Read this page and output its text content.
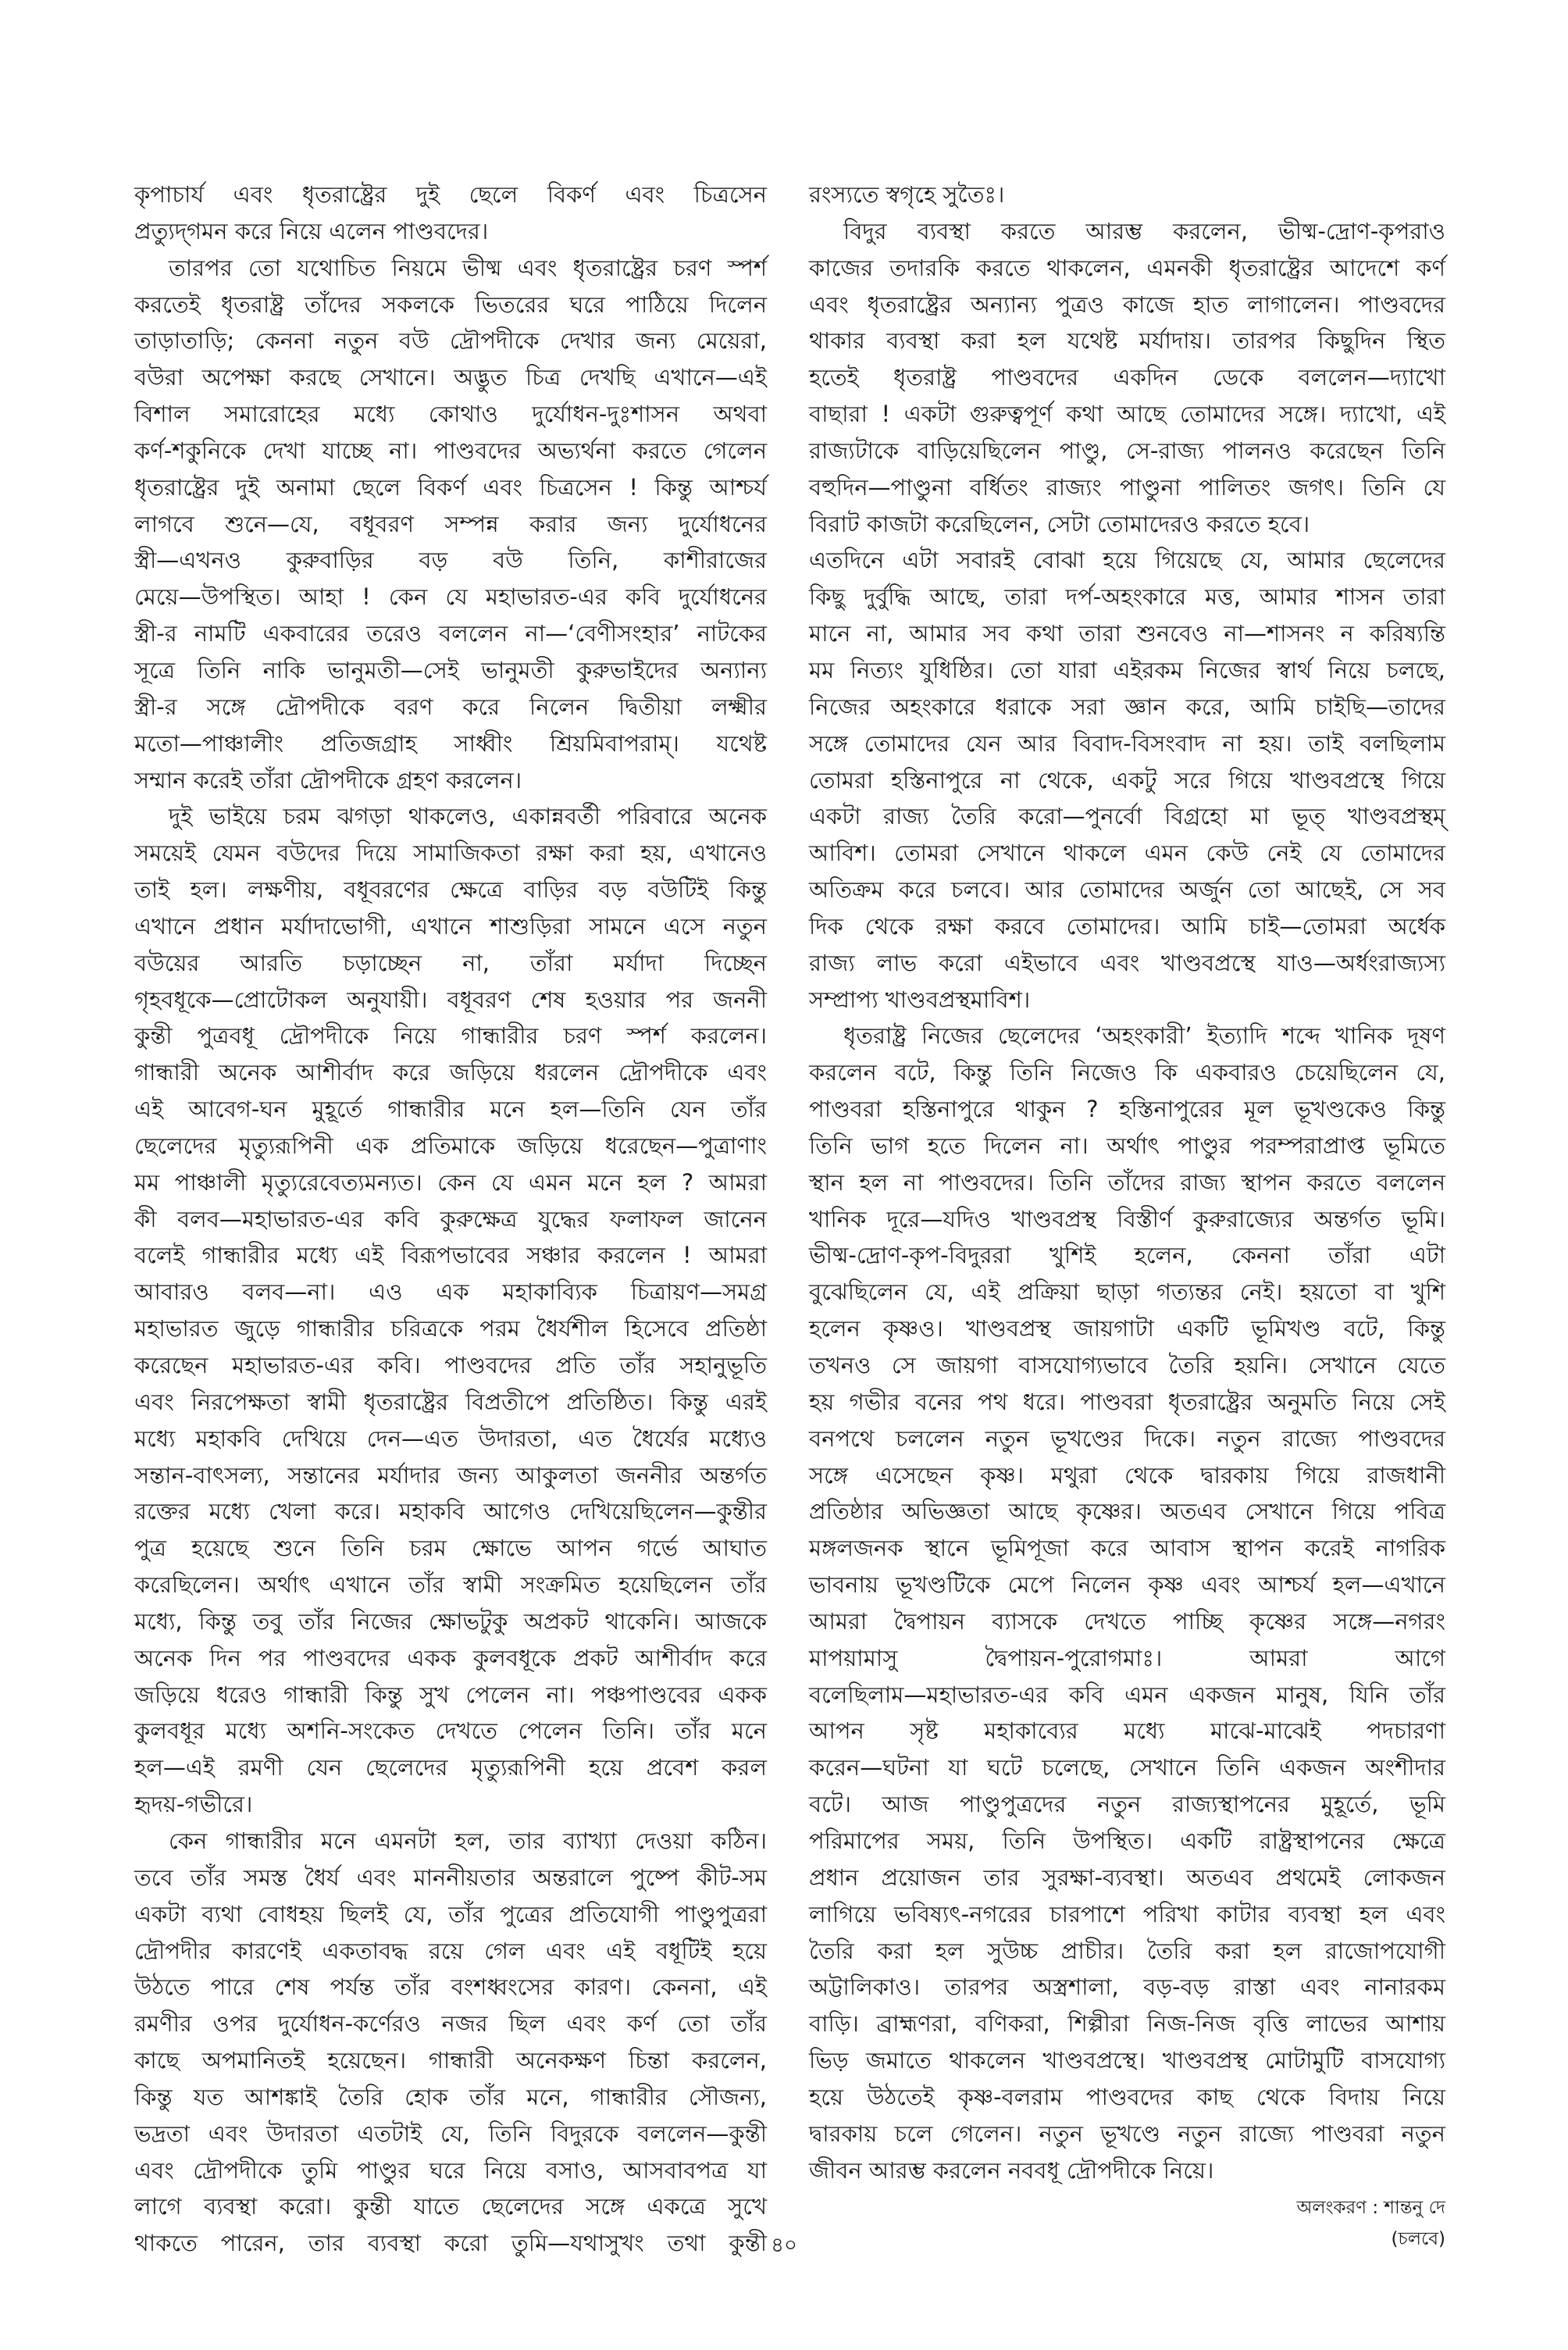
কৃপাচার্য এবং ধৃতরাষ্ট্রের দুই ছেলে বিকর্ণ এবং চিত্রসেন
প্রত্যুদ্‌গমন করে নিয়ে এলেন পাণ্ডবদের।
তারপর তো যথোচিত নিয়মে ভীষ্ম এবং ধৃতরাষ্ট্রের চরণ স্পর্শ
করতেই ধৃতরাষ্ট্র তাঁদের সকলকে ভিতরের ঘরে পাঠিয়ে দিলেন
তাড়াতাড়ি; কেননা নতুন বউ দ্রৌপদীকে দেখার জন্য মেয়েরা,
বউরা অপেক্ষা করছে সেখানে। অদ্ভুত চিত্র দেখছি এখানে—এই
বিশাল সমারোহের মধ্যে কোথাও দুর্যোধন-দুঃশাসন অথবা
কর্ণ-শকুনিকে দেখা যাচ্ছে না। পাণ্ডবদের অভ্যর্থনা করতে গেলেন
ধৃতরাষ্ট্রের দুই অনামা ছেলে বিকর্ণ এবং চিত্রসেন ! কিন্তু আশ্চর্য
লাগবে শুনে—যে, বধূবরণ সম্পন্ন করার জন্য দুর্যোধনের
স্ত্রী—এখনও কুরুবাড়ির বড় বউ তিনি, কাশীরাজের
মেয়ে—উপস্থিত। আহা ! কেন যে মহাভারত-এর কবি দুর্যোধনের
স্ত্রী-র নামটি একবারের তরেও বললেন না—‘বেণীসংহার’ নাটকের
সূত্রে তিনি নাকি ভানুমতী—সেই ভানুমতী কুরুভাইদের অন্যান্য
স্ত্রী-র সঙ্গে দ্রৌপদীকে বরণ করে নিলেন দ্বিতীয়া লক্ষ্মীর
মতো—পাঞ্চালীং প্রতিজগ্রাহ সাধ্বীং শ্রিয়মিবাপরাম্। যথেষ্ট
সম্মান করেই তাঁরা দ্রৌপদীকে গ্রহণ করলেন।
দুই ভাইয়ে চরম ঝগড়া থাকলেও, একান্নবর্তী পরিবারে অনেক
সময়েই যেমন বউদের দিয়ে সামাজিকতা রক্ষা করা হয়, এখানেও
তাই হল। লক্ষণীয়, বধূবরণের ক্ষেত্রে বাড়ির বড় বউটিই কিন্তু
এখানে প্রধান মর্যাদাভোগী, এখানে শাশুড়িরা সামনে এসে নতুন
বউয়ের আরতি চড়াচ্ছেন না, তাঁরা মর্যাদা দিচ্ছেন
গৃহবধূকে—প্রোটোকল অনুযায়ী। বধূবরণ শেষ হওয়ার পর জননী
কুন্তী পুত্রবধূ দ্রৌপদীকে নিয়ে গান্ধারীর চরণ স্পর্শ করলেন।
গান্ধারী অনেক আশীর্বাদ করে জড়িয়ে ধরলেন দ্রৌপদীকে এবং
এই আবেগ-ঘন মুহূর্তে গান্ধারীর মনে হল—তিনি যেন তাঁর
ছেলেদের মৃত্যুরূপিনী এক প্রতিমাকে জড়িয়ে ধরেছেন—পুত্রাণাং
মম পাঞ্চালী মৃত্যুরেবেত্যমন্যত। কেন যে এমন মনে হল ? আমরা
কী বলব—মহাভারত-এর কবি কুরুক্ষেত্র যুদ্ধের ফলাফল জানেন
বলেই গান্ধারীর মধ্যে এই বিরূপভাবের সঞ্চার করলেন ! আমরা
আবারও বলব—না। এও এক মহাকাব্যিক চিত্রায়ণ—সমগ্র
মহাভারত জুড়ে গান্ধারীর চরিত্রকে পরম ধৈর্যশীল হিসেবে প্রতিষ্ঠা
করেছেন মহাভারত-এর কবি। পাণ্ডবদের প্রতি তাঁর সহানুভূতি
এবং নিরপেক্ষতা স্বামী ধৃতরাষ্ট্রের বিপ্রতীপে প্রতিষ্ঠিত। কিন্তু এরই
মধ্যে মহাকবি দেখিয়ে দেন—এত উদারতা, এত ধৈর্যের মধ্যেও
সন্তান-বাৎসল্য, সন্তানের মর্যাদার জন্য আকুলতা জননীর অন্তর্গত
রক্তের মধ্যে খেলা করে। মহাকবি আগেও দেখিয়েছিলেন—কুন্তীর
পুত্র হয়েছে শুনে তিনি চরম ক্ষোভে আপন গর্ভে আঘাত
করেছিলেন। অর্থাৎ এখানে তাঁর স্বামী সংক্রমিত হয়েছিলেন তাঁর
মধ্যে, কিন্তু তবু তাঁর নিজের ক্ষোভটুকু অপ্রকট থাকেনি। আজকে
অনেক দিন পর পাণ্ডবদের একক কুলবধূকে প্রকট আশীর্বাদ করে
জড়িয়ে ধরেও গান্ধারী কিন্তু সুখ পেলেন না। পঞ্চপাণ্ডবের একক
কুলবধূর মধ্যে অশনি-সংকেত দেখতে পেলেন তিনি। তাঁর মনে
হল—এই রমণী যেন ছেলেদের মৃত্যুরূপিনী হয়ে প্রবেশ করল
হৃদয়-গভীরে।
কেন গান্ধারীর মনে এমনটা হল, তার ব্যাখ্যা দেওয়া কঠিন।
তবে তাঁর সমস্ত ধৈর্য এবং মাননীয়তার অন্তরালে পুষ্পে কীট-সম
একটা ব্যথা বোধহয় ছিলই যে, তাঁর পুত্রের প্রতিযোগী পাণ্ডুপুত্ররা
দ্রৌপদীর কারণেই একতাবদ্ধ রয়ে গেল এবং এই বধূটিই হয়ে
উঠতে পারে শেষ পর্যন্ত তাঁর বংশধ্বংসের কারণ। কেননা, এই
রমণীর ওপর দুর্যোধন-কর্ণেরও নজর ছিল এবং কর্ণ তো তাঁর
কাছে অপমানিতই হয়েছেন। গান্ধারী অনেকক্ষণ চিন্তা করলেন,
কিন্তু যত আশঙ্কাই তৈরি হোক তাঁর মনে, গান্ধারীর সৌজন্য,
ভদ্রতা এবং উদারতা এতটাই যে, তিনি বিদুরকে বললেন—কুন্তী
এবং দ্রৌপদীকে তুমি পাণ্ডুর ঘরে নিয়ে বসাও, আসবাবপত্র যা
লাগে ব্যবস্থা করো। কুন্তী যাতে ছেলেদের সঙ্গে একত্রে সুখে
থাকতে পারেন, তার ব্যবস্থা করো তুমি—যথাসুখং তথা কুন্তী
রংস্যতে স্বগৃহে সুতৈঃ।
বিদুর ব্যবস্থা করতে আরম্ভ করলেন, ভীষ্ম-দ্রোণ-কৃপরাও
কাজের তদারকি করতে থাকলেন, এমনকী ধৃতরাষ্ট্রের আদেশে কর্ণ
এবং ধৃতরাষ্ট্রের অন্যান্য পুত্রও কাজে হাত লাগালেন। পাণ্ডবদের
থাকার ব্যবস্থা করা হল যথেষ্ট মর্যাদায়। তারপর কিছুদিন স্থিত
হতেই ধৃতরাষ্ট্র পাণ্ডবদের একদিন ডেকে বললেন—দ্যাখো
বাছারা ! একটা গুরুত্বপূর্ণ কথা আছে তোমাদের সঙ্গে। দ্যাখো, এই
রাজ্যটাকে বাড়িয়েছিলেন পাণ্ডু, সে-রাজ্য পালনও করেছেন তিনি
বহুদিন—পাণ্ডুনা বর্ধিতং রাজ্যং পাণ্ডুনা পালিতং জগৎ। তিনি যে
বিরাট কাজটা করেছিলেন, সেটা তোমাদেরও করতে হবে।
এতদিনে এটা সবারই বোঝা হয়ে গিয়েছে যে, আমার ছেলেদের
কিছু দুর্বুদ্ধি আছে, তারা দর্প-অহংকারে মত্ত, আমার শাসন তারা
মানে না, আমার সব কথা তারা শুনবেও না—শাসনং ন করিষ্যন্তি
মম নিত্যং যুধিষ্ঠির। তো যারা এইরকম নিজের স্বার্থ নিয়ে চলছে,
নিজের অহংকারে ধরাকে সরা জ্ঞান করে, আমি চাইছি—তাদের
সঙ্গে তোমাদের যেন আর বিবাদ-বিসংবাদ না হয়। তাই বলছিলাম
তোমরা হস্তিনাপুরে না থেকে, একটু সরে গিয়ে খাণ্ডবপ্রস্থে গিয়ে
একটা রাজ্য তৈরি করো—পুনর্বো বিগ্রহো মা ভূত্‌ খাণ্ডবপ্রস্থম্‌
আবিশ। তোমরা সেখানে থাকলে এমন কেউ নেই যে তোমাদের
অতিক্রম করে চলবে। আর তোমাদের অর্জুন তো আছেই, সে সব
দিক থেকে রক্ষা করবে তোমাদের। আমি চাই—তোমরা অর্ধেক
রাজ্য লাভ করো এইভাবে এবং খাণ্ডবপ্রস্থে যাও—অর্ধংরাজ্যস্য
সম্প্রাপ্য খাণ্ডবপ্রস্থমাবিশ।
ধৃতরাষ্ট্র নিজের ছেলেদের ‘অহংকারী’ ইত্যাদি শব্দে খানিক দূষণ
করলেন বটে, কিন্তু তিনি নিজেও কি একবারও চেয়েছিলেন যে,
পাণ্ডবরা হস্তিনাপুরে থাকুন ? হস্তিনাপুরের মূল ভূখণ্ডকেও কিন্তু
তিনি ভাগ হতে দিলেন না। অর্থাৎ পাণ্ডুর পরম্পরাপ্রাপ্ত ভূমিতে
স্থান হল না পাণ্ডবদের। তিনি তাঁদের রাজ্য স্থাপন করতে বললেন
খানিক দূরে—যদিও খাণ্ডবপ্রস্থ বিস্তীর্ণ কুরুরাজ্যের অন্তর্গত ভূমি।
ভীষ্ম-দ্রোণ-কৃপ-বিদুররা খুশিই হলেন, কেননা তাঁরা এটা
বুঝেছিলেন যে, এই প্রক্রিয়া ছাড়া গত্যন্তর নেই। হয়তো বা খুশি
হলেন কৃষ্ণও। খাণ্ডবপ্রস্থ জায়গাটা একটি ভূমিখণ্ড বটে, কিন্তু
তখনও সে জায়গা বাসযোগ্যভাবে তৈরি হয়নি। সেখানে যেতে
হয় গভীর বনের পথ ধরে। পাণ্ডবরা ধৃতরাষ্ট্রের অনুমতি নিয়ে সেই
বনপথে চললেন নতুন ভূখণ্ডের দিকে। নতুন রাজ্যে পাণ্ডবদের
সঙ্গে এসেছেন কৃষ্ণ। মথুরা থেকে দ্বারকায় গিয়ে রাজধানী
প্রতিষ্ঠার অভিজ্ঞতা আছে কৃষ্ণের। অতএব সেখানে গিয়ে পবিত্র
মঙ্গলজনক স্থানে ভূমিপূজা করে আবাস স্থাপন করেই নাগরিক
ভাবনায় ভূখণ্ডটিকে মেপে নিলেন কৃষ্ণ এবং আশ্চর্য হল—এখানে
আমরা দ্বৈপায়ন ব্যাসকে দেখতে পাচ্ছি কৃষ্ণের সঙ্গে—নগরং
মাপয়ামাসু দ্বৈপায়ন-পুরোগমাঃ। আমরা আগে
বলেছিলাম—মহাভারত-এর কবি এমন একজন মানুষ, যিনি তাঁর
আপন সৃষ্ট মহাকাব্যের মধ্যে মাঝে-মাঝেই পদচারণা
করেন—ঘটনা যা ঘটে চলেছে, সেখানে তিনি একজন অংশীদার
বটে। আজ পাণ্ডুপুত্রদের নতুন রাজ্যস্থাপনের মুহূর্তে, ভূমি
পরিমাপের সময়, তিনি উপস্থিত। একটি রাষ্ট্রস্থাপনের ক্ষেত্রে
প্রধান প্রয়োজন তার সুরক্ষা-ব্যবস্থা। অতএব প্রথমেই লোকজন
লাগিয়ে ভবিষ্যৎ-নগরের চারপাশে পরিখা কাটার ব্যবস্থা হল এবং
তৈরি করা হল সুউচ্চ প্রাচীর। তৈরি করা হল রাজোপযোগী
অট্টালিকাও। তারপর অস্ত্রশালা, বড়-বড় রাস্তা এবং নানারকম
বাড়ি। ব্রাহ্মণরা, বণিকরা, শিল্পীরা নিজ-নিজ বৃত্তি লাভের আশায়
ভিড় জমাতে থাকলেন খাণ্ডবপ্রস্থে। খাণ্ডবপ্রস্থ মোটামুটি বাসযোগ্য
হয়ে উঠতেই কৃষ্ণ-বলরাম পাণ্ডবদের কাছ থেকে বিদায় নিয়ে
দ্বারকায় চলে গেলেন। নতুন ভূখণ্ডে নতুন রাজ্যে পাণ্ডবরা নতুন
জীবন আরম্ভ করলেন নববধূ দ্রৌপদীকে নিয়ে।
অলংকরণ : শান্তনু দে
(চলবে)
৪০
